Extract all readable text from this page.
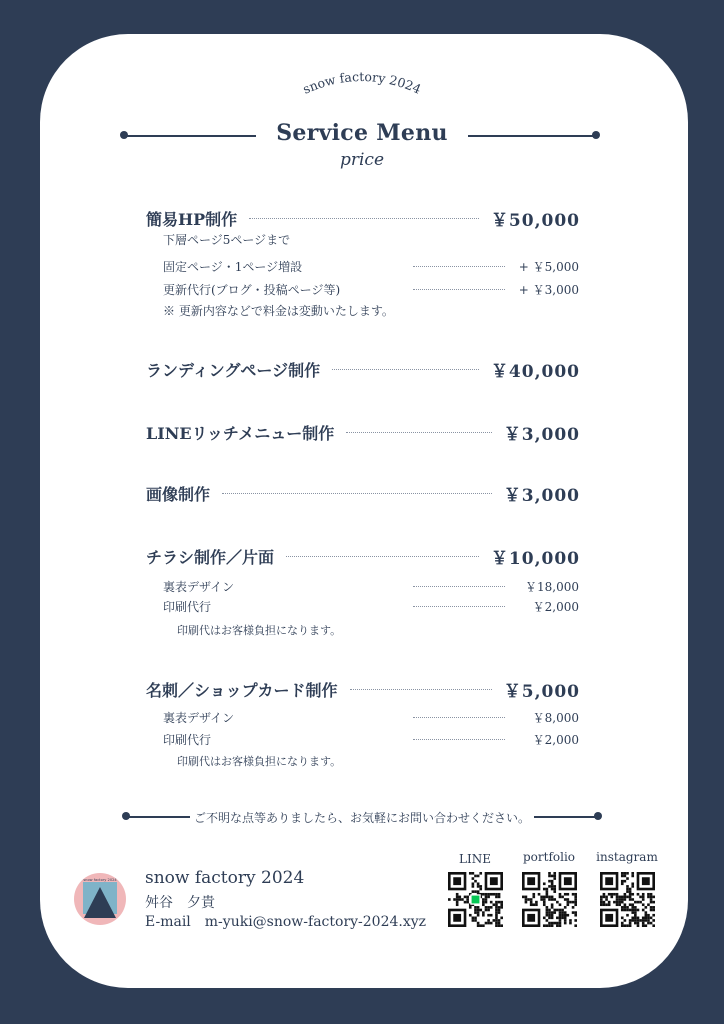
snow factory 2024
Service Menu
price
簡易HP制作	￥50,000
下層ページ5ページまで
固定ページ・1ページ増設	+ ￥5,000
更新代行(ブログ・投稿ページ等)	+ ￥3,000
※ 更新内容などで料金は変動いたします。
ランディングページ制作	￥40,000
LINEリッチメニュー制作	￥3,000
画像制作	￥3,000
チラシ制作／片面	￥10,000
裏表デザイン	￥18,000
印刷代行	￥2,000
印刷代はお客様負担になります。
名刺／ショップカード制作	￥5,000
裏表デザイン	￥8,000
印刷代行	￥2,000
印刷代はお客様負担になります。
ご不明な点等ありましたら、お気軽にお問い合わせください。
snow factory 2024 snow factory 2024
舛谷　夕貴
E-mail　m-yuki@snow-factory-2024.xyz
LINE	portfolio	instagram
